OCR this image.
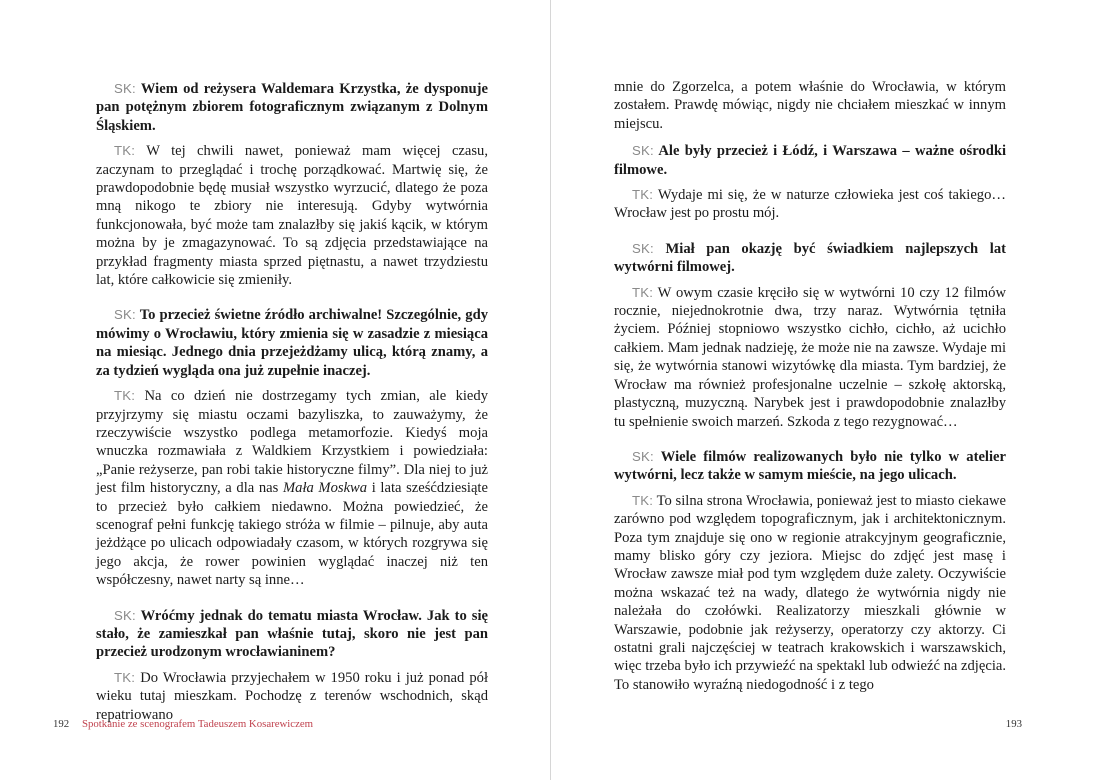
SK: Wiem od reżysera Waldemara Krzystka, że dysponuje pan potężnym zbiorem fotograficznym związanym z Dolnym Śląskiem.

TK: W tej chwili nawet, ponieważ mam więcej czasu, zaczynam to przeglądać i trochę porządkować. Martwię się, że prawdopodobnie będę musiał wszystko wyrzucić, dlatego że poza mną nikogo te zbiory nie interesują. Gdyby wytwórnia funkcjonowała, być może tam znalazłby się jakiś kącik, w którym można by je zmagazynować. To są zdjęcia przedstawiające na przykład fragmenty miasta sprzed piętnastu, a nawet trzydziestu lat, które całkowicie się zmieniły.

SK: To przecież świetne źródło archiwalne! Szczególnie, gdy mówimy o Wrocławiu, który zmienia się w zasadzie z miesiąca na miesiąc. Jednego dnia przejeżdżamy ulicą, którą znamy, a za tydzień wygląda ona już zupełnie inaczej.

TK: Na co dzień nie dostrzegamy tych zmian, ale kiedy przyjrzymy się miastu oczami bazyliszka, to zauważymy, że rzeczywiście wszystko podlega metamorfozie. Kiedyś moja wnuczka rozmawiała z Waldkiem Krzystkiem i powiedziała: „Panie reżyserze, pan robi takie historyczne filmy”. Dla niej to już jest film historyczny, a dla nas Mała Moskwa i lata sześćdziesiąte to przecież było całkiem niedawno. Można powiedzieć, że scenograf pełni funkcję takiego stróża w filmie – pilnuje, aby auta jeżdżące po ulicach odpowiadały czasom, w których rozgrywa się jego akcja, że rower powinien wyglądać inaczej niż ten współczesny, nawet narty są inne…

SK: Wróćmy jednak do tematu miasta Wrocław. Jak to się stało, że zamieszkał pan właśnie tutaj, skoro nie jest pan przecież urodzonym wrocławianinem?

TK: Do Wrocławia przyjechałem w 1950 roku i już ponad pół wieku tutaj mieszkam. Pochodzę z terenów wschodnich, skąd repatriowano

192 Spotkanie ze scenografem Tadeuszem Kosarewiczem

mnie do Zgorzelca, a potem właśnie do Wrocławia, w którym zostałem. Prawdę mówiąc, nigdy nie chciałem mieszkać w innym miejscu.

SK: Ale były przecież i Łódź, i Warszawa – ważne ośrodki filmowe.

TK: Wydaje mi się, że w naturze człowieka jest coś takiego… Wrocław jest po prostu mój.

SK: Miał pan okazję być świadkiem najlepszych lat wytwórni filmowej.

TK: W owym czasie kręciło się w wytwórni 10 czy 12 filmów rocznie, niejednokrotnie dwa, trzy naraz. Wytwórnia tętniła życiem. Później stopniowo wszystko cichło, cichło, aż ucichło całkiem. Mam jednak nadzieję, że może nie na zawsze. Wydaje mi się, że wytwórnia stanowi wizytówkę dla miasta. Tym bardziej, że Wrocław ma również profesjonalne uczelnie – szkołę aktorską, plastyczną, muzyczną. Narybek jest i prawdopodobnie znalazłby tu spełnienie swoich marzeń. Szkoda z tego rezygnować…

SK: Wiele filmów realizowanych było nie tylko w atelier wytwórni, lecz także w samym mieście, na jego ulicach.

TK: To silna strona Wrocławia, ponieważ jest to miasto ciekawe zarówno pod względem topograficznym, jak i architektonicznym. Poza tym znajduje się ono w regionie atrakcyjnym geograficznie, mamy blisko góry czy jeziora. Miejsc do zdjęć jest masę i Wrocław zawsze miał pod tym względem duże zalety. Oczywiście można wskazać też na wady, dlatego że wytwórnia nigdy nie należała do czołówki. Realizatorzy mieszkali głównie w Warszawie, podobnie jak reżyserzy, operatorzy czy aktorzy. Ci ostatni grali najczęściej w teatrach krakowskich i warszawskich, więc trzeba było ich przywieźć na spektakl lub odwieźć na zdjęcia. To stanowiło wyraźną niedogodność i z tego

193
